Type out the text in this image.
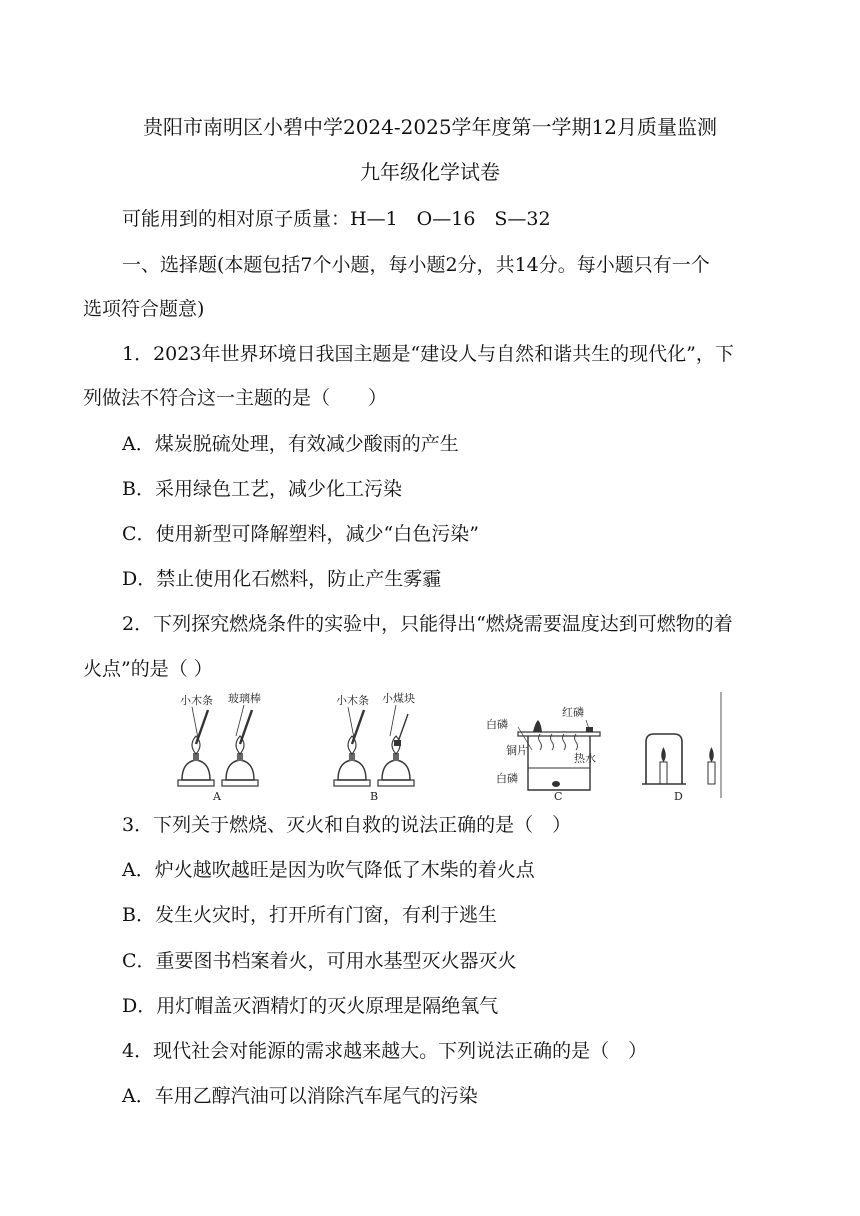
贵阳市南明区小碧中学2024-2025学年度第一学期12月质量监测
九年级化学试卷
可能用到的相对原子质量：H—1　O—16　S—32
一、选择题(本题包括7个小题，每小题2分，共14分。每小题只有一个
选项符合题意)
1．2023年世界环境日我国主题是“建设人与自然和谐共生的现代化”，下
列做法不符合这一主题的是（　　）
A．煤炭脱硫处理，有效减少酸雨的产生
B．采用绿色工艺，减少化工污染
C．使用新型可降解塑料，减少“白色污染”
D．禁止使用化石燃料，防止产生雾霾
2．下列探究燃烧条件的实验中，只能得出“燃烧需要温度达到可燃物的着
火点”的是（ ）
小木条 玻璃棒
A
小木条 小煤块
B
白磷
红磷
铜片
热水
白磷
C	D
3．下列关于燃烧、灭火和自救的说法正确的是（　）
A．炉火越吹越旺是因为吹气降低了木柴的着火点
B．发生火灾时，打开所有门窗，有利于逃生
C．重要图书档案着火，可用水基型灭火器灭火
D．用灯帽盖灭酒精灯的灭火原理是隔绝氧气
4．现代社会对能源的需求越来越大。下列说法正确的是（　）
A．车用乙醇汽油可以消除汽车尾气的污染
